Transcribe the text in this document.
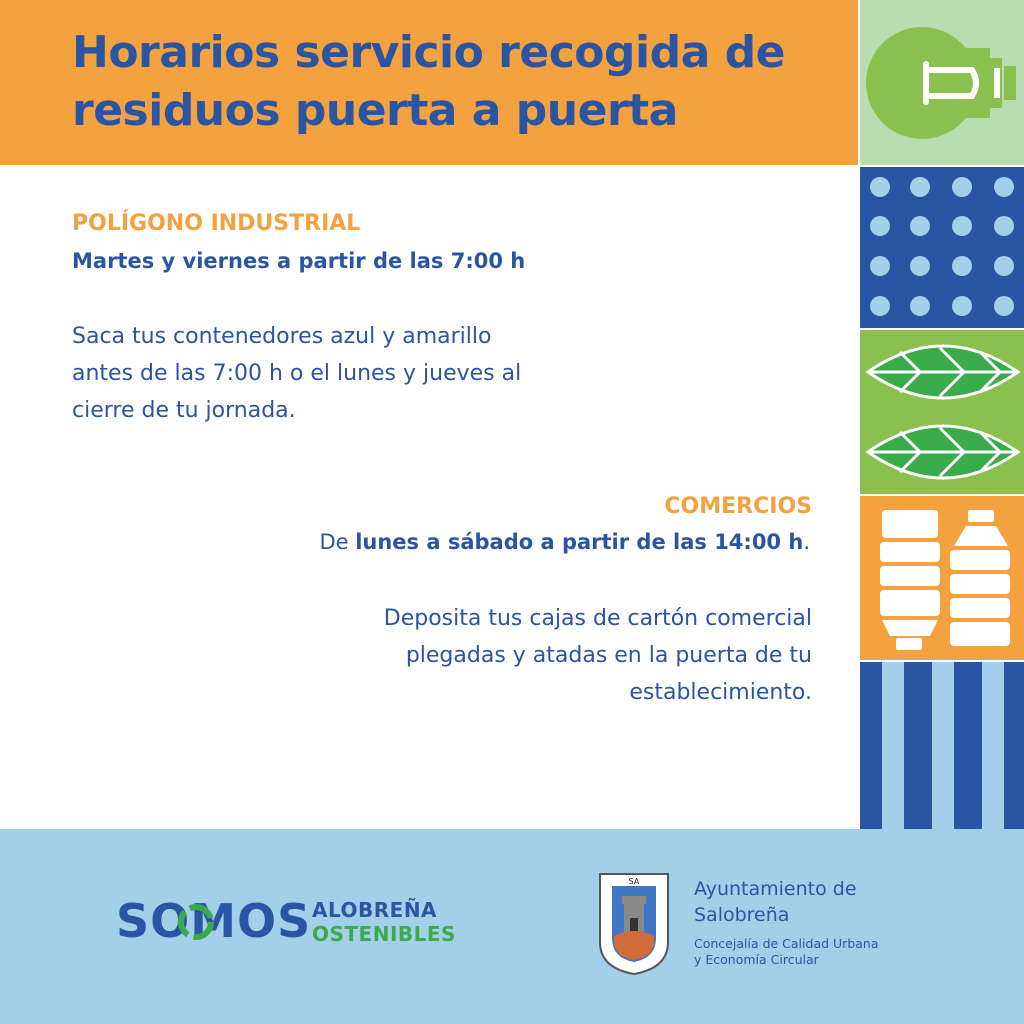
Horarios servicio recogida de residuos puerta a puerta
POLÍGONO INDUSTRIAL

Martes y viernes a partir de las 7:00 h

Saca tus contenedores azul y amarillo

antes de las 7:00 h o el lunes y jueves al

cierre de tu jornada.

COMERCIOS

De lunes a sábado a partir de las 14:00 h.

Deposita tus cajas de cartón comercial

plegadas y atadas en la puerta de tu

establecimiento.

SOMOS ALOBREÑA
OSTENIBLES
SA	Ayuntamiento de

Salobreña

Concejalía de Calidad Urbana

y Economía Circular
